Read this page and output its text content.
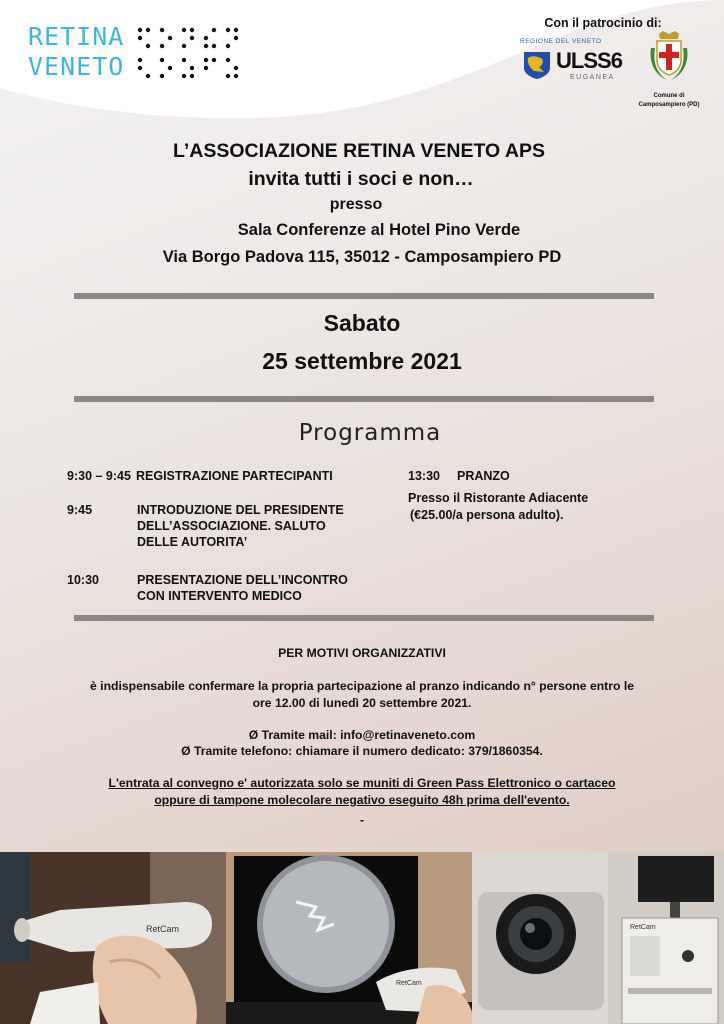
RETINA
VENETO
Con il patrocinio di:
REGIONE DEL VENETO
ULSS6
EUGANEA
Comune di
Camposampiero (PD)
L’ASSOCIAZIONE RETINA VENETO APS
invita tutti i soci e non…
presso
Sala Conferenze al Hotel Pino Verde
Via Borgo Padova 115, 35012 - Camposampiero PD
Sabato
25 settembre 2021
Programma
9:30 – 9:45 REGISTRAZIONE PARTECIPANTI
9:45	INTRODUZIONE DEL PRESIDENTE DELL’ASSOCIAZIONE. SALUTO DELLE AUTORITA’
10:30	PRESENTAZIONE DELL’INCONTRO CON INTERVENTO MEDICO
13:30 PRANZO
Presso il Ristorante Adiacente
(€25.00/a persona adulto).
PER MOTIVI ORGANIZZATIVI
è indispensabile confermare la propria partecipazione al pranzo indicando n° persone entro le
ore 12.00 di lunedì 20 settembre 2021.
Ø Tramite mail: info@retinaveneto.com
Ø Tramite telefono: chiamare il numero dedicato: 379/1860354.
L'entrata al convegno e' autorizzata solo se muniti di Green Pass Elettronico o cartaceo
oppure di tampone molecolare negativo eseguito 48h prima dell'evento.
-
RetCam
RetCam
RetCam
